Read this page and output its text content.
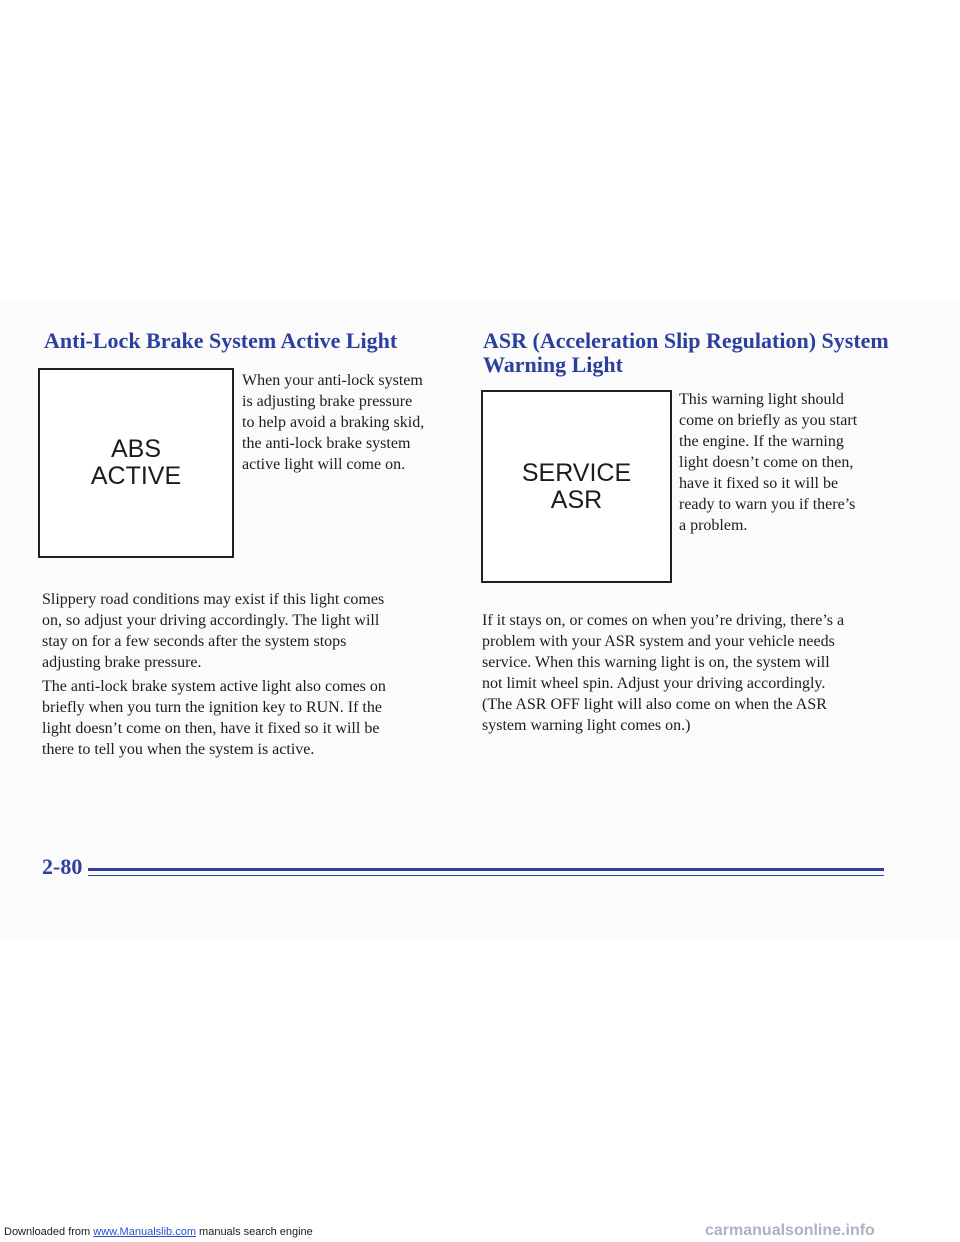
Anti-Lock Brake System Active Light
ABS
ACTIVE
When your anti-lock system
is adjusting brake pressure
to help avoid a braking skid,
the anti-lock brake system
active light will come on.
Slippery road conditions may exist if this light comes
on, so adjust your driving accordingly. The light will
stay on for a few seconds after the system stops
adjusting brake pressure.
The anti-lock brake system active light also comes on
briefly when you turn the ignition key to RUN. If the
light doesn’t come on then, have it fixed so it will be
there to tell you when the system is active.
ASR (Acceleration Slip Regulation) System
Warning Light
SERVICE
ASR
This warning light should
come on briefly as you start
the engine. If the warning
light doesn’t come on then,
have it fixed so it will be
ready to warn you if there’s
a problem.
If it stays on, or comes on when you’re driving, there’s a
problem with your ASR system and your vehicle needs
service. When this warning light is on, the system will
not limit wheel spin. Adjust your driving accordingly.
(The ASR OFF light will also come on when the ASR
system warning light comes on.)
2-80
Downloaded from www.Manualslib.com manuals search engine	carmanualsonline.info
